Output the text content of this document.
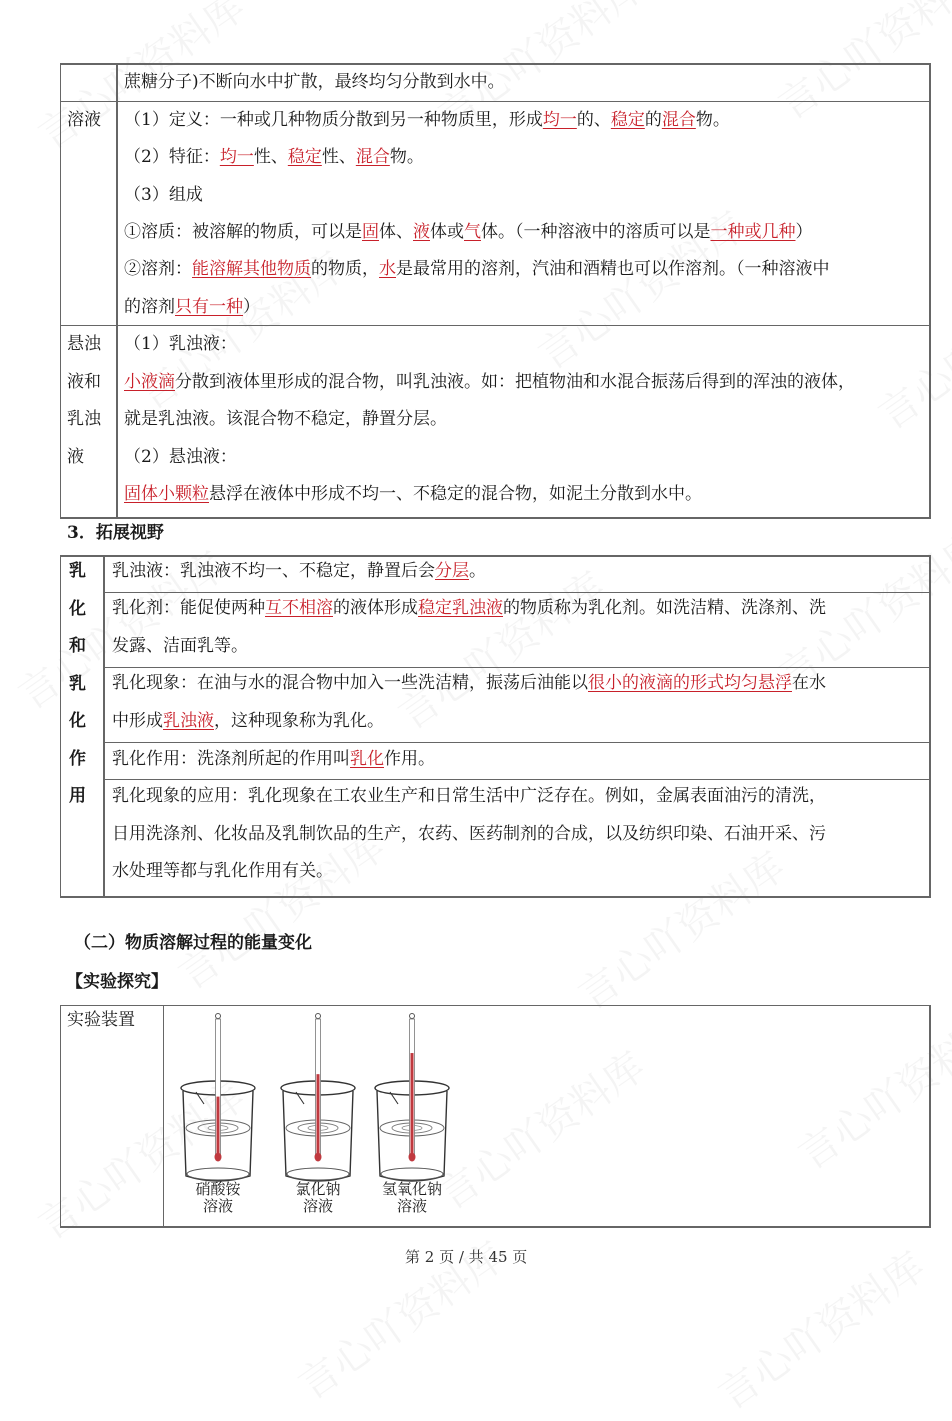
蔗糖分子)不断向水中扩散，最终均匀分散到水中。
溶液 （1）定义：一种或几种物质分散到另一种物质里，形成均一的、稳定的混合物。
（2）特征：均一性、稳定性、混合物。
（3）组成
①溶质：被溶解的物质，可以是固体、液体或气体。（一种溶液中的溶质可以是一种或几种）
②溶剂：能溶解其他物质的物质，水是最常用的溶剂，汽油和酒精也可以作溶剂。（一种溶液中
的溶剂只有一种）
悬浊
液和
乳浊
液
（1）乳浊液：
小液滴分散到液体里形成的混合物，叫乳浊液。如：把植物油和水混合振荡后得到的浑浊的液体，
就是乳浊液。该混合物不稳定，静置分层。
（2）悬浊液：
固体小颗粒悬浮在液体中形成不均一、不稳定的混合物，如泥土分散到水中。
3．拓展视野
乳
化
和
乳
化
作
用
乳浊液：乳浊液不均一、不稳定，静置后会分层。
乳化剂：能促使两种互不相溶的液体形成稳定乳浊液的物质称为乳化剂。如洗洁精、洗涤剂、洗
发露、洁面乳等。
乳化现象：在油与水的混合物中加入一些洗洁精，振荡后油能以很小的液滴的形式均匀悬浮在水
中形成乳浊液，这种现象称为乳化。
乳化作用：洗涤剂所起的作用叫乳化作用。
乳化现象的应用：乳化现象在工农业生产和日常生活中广泛存在。例如，金属表面油污的清洗，
日用洗涤剂、化妆品及乳制饮品的生产，农药、医药制剂的合成，以及纺织印染、石油开采、污
水处理等都与乳化作用有关。
（二）物质溶解过程的能量变化
【实验探究】
实验装置
硝酸铵
溶液
氯化钠
溶液
氢氧化钠
溶液
第 2 页 / 共 45 页
